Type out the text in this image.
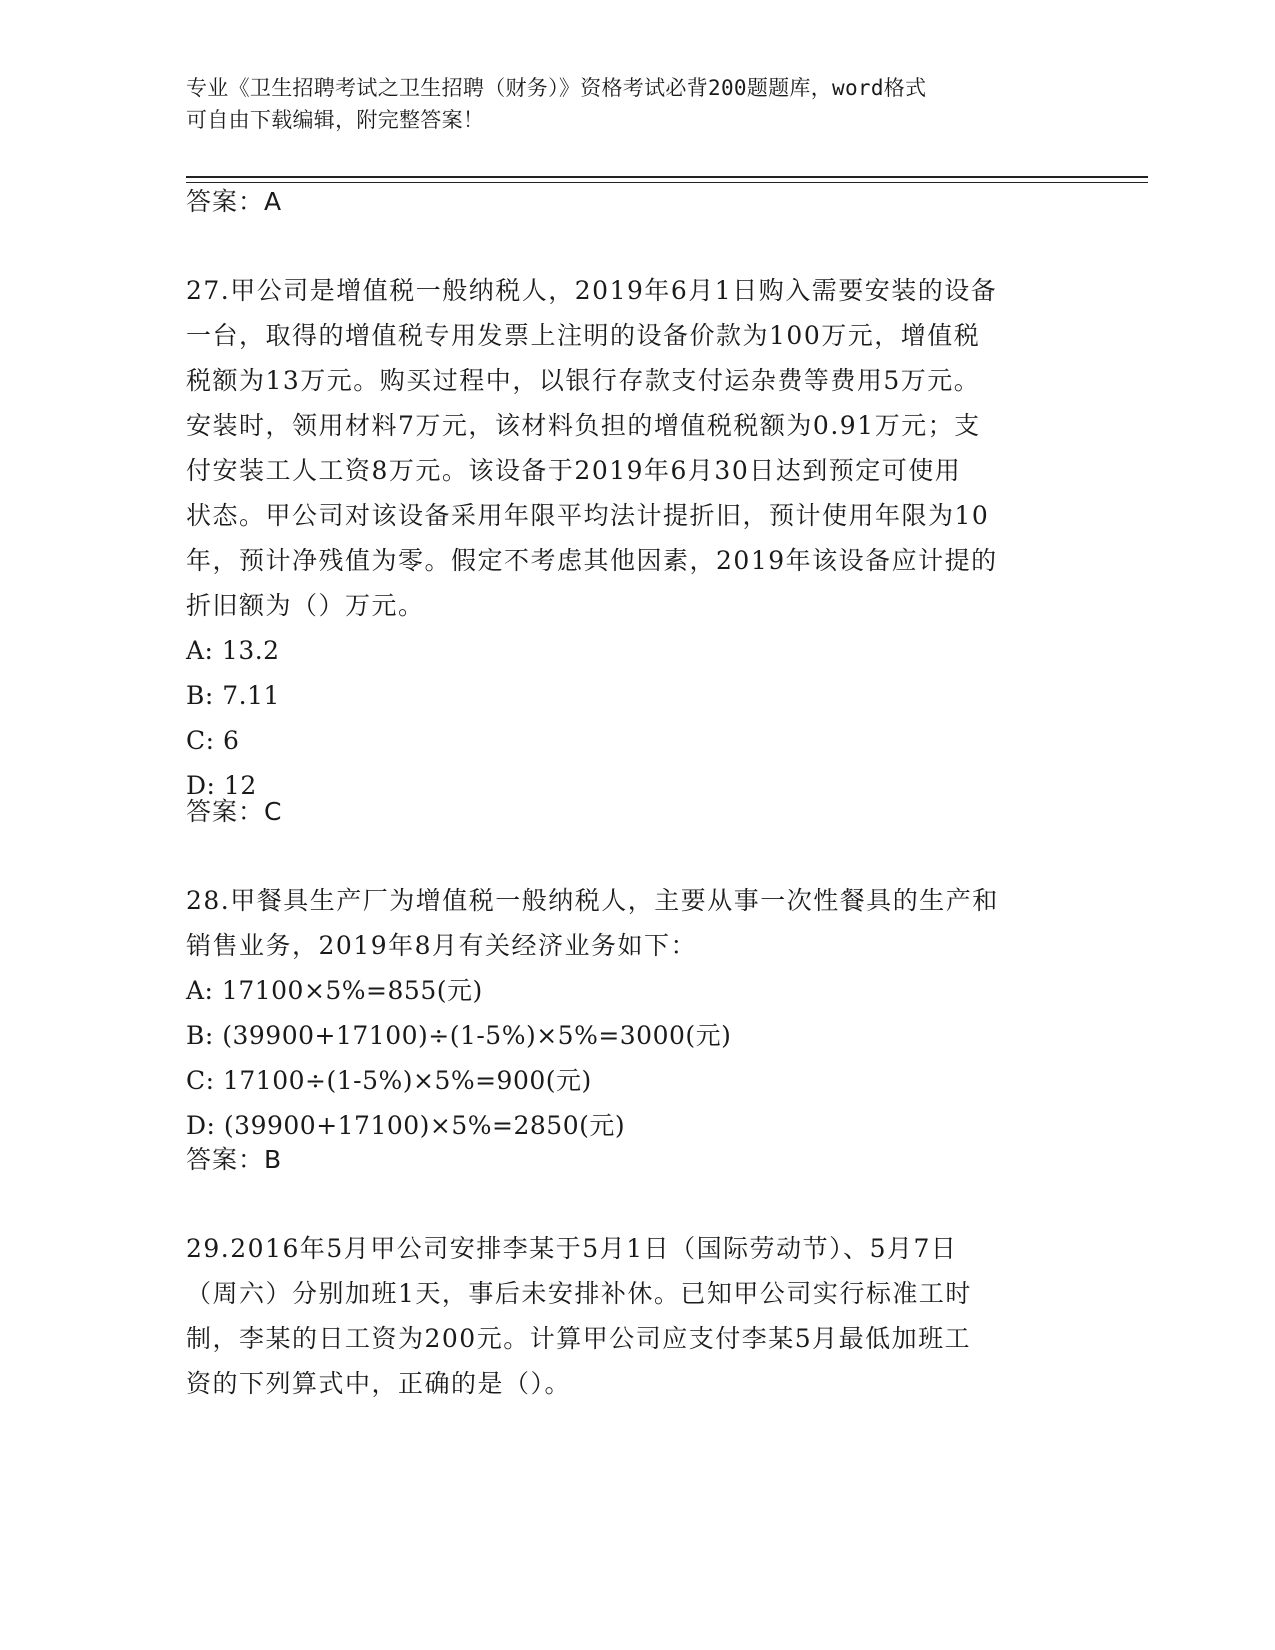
专业《卫生招聘考试之卫生招聘（财务）》资格考试必背200题题库，word格式
可自由下载编辑，附完整答案！
答案：A
27.甲公司是增值税一般纳税人，2019年6月1日购入需要安装的设备
一台，取得的增值税专用发票上注明的设备价款为100万元，增值税
税额为13万元。购买过程中，以银行存款支付运杂费等费用5万元。
安装时，领用材料7万元，该材料负担的增值税税额为0.91万元；支
付安装工人工资8万元。该设备于2019年6月30日达到预定可使用
状态。甲公司对该设备采用年限平均法计提折旧，预计使用年限为10
年，预计净残值为零。假定不考虑其他因素，2019年该设备应计提的
折旧额为（）万元。
A: 13.2
B: 7.11
C: 6
D: 12
答案：C
28.甲餐具生产厂为增值税一般纳税人，主要从事一次性餐具的生产和
销售业务，2019年8月有关经济业务如下：
A: 17100×5%=855(元)
B: (39900+17100)÷(1-5%)×5%=3000(元)
C: 17100÷(1-5%)×5%=900(元)
D: (39900+17100)×5%=2850(元)
答案：B
29.2016年5月甲公司安排李某于5月1日（国际劳动节）、5月7日
（周六）分别加班1天，事后未安排补休。已知甲公司实行标准工时
制，李某的日工资为200元。计算甲公司应支付李某5月最低加班工
资的下列算式中，正确的是（）。
